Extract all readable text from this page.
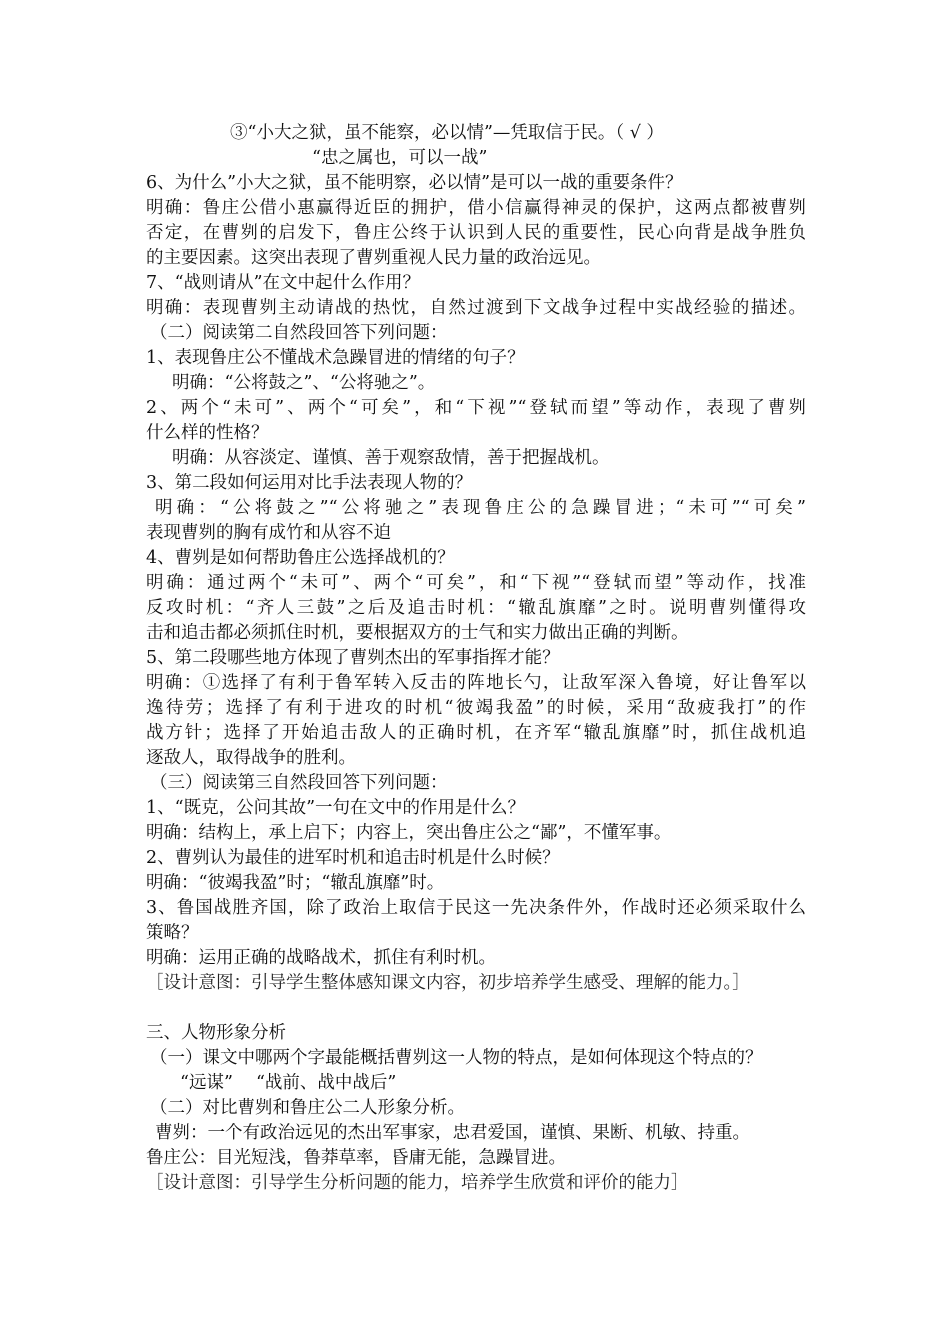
③“小大之狱，虽不能察，必以情”—凭取信于民。（ √ ）
“忠之属也，可以一战”
6、为什么”小大之狱，虽不能明察，必以情”是可以一战的重要条件？
明确：鲁庄公借小惠赢得近臣的拥护，借小信赢得神灵的保护，这两点都被曹刿
否定，在曹刿的启发下，鲁庄公终于认识到人民的重要性，民心向背是战争胜负
的主要因素。这突出表现了曹刿重视人民力量的政治远见。
7、“战则请从”在文中起什么作用？
明确：表现曹刿主动请战的热忱，自然过渡到下文战争过程中实战经验的描述。
（二）阅读第二自然段回答下列问题：
1、表现鲁庄公不懂战术急躁冒进的情绪的句子？
明确：“公将鼓之”、“公将驰之”。
2、两个“未可”、两个“可矣”，和“下视”“登轼而望”等动作，表现了曹刿
什么样的性格？
明确：从容淡定、谨慎、善于观察敌情，善于把握战机。
3、第二段如何运用对比手法表现人物的？
明确：“公将鼓之”“公将驰之”表现鲁庄公的急躁冒进；“未可”“可矣”
表现曹刿的胸有成竹和从容不迫
4、曹刿是如何帮助鲁庄公选择战机的？
明确：通过两个“未可”、两个“可矣”，和“下视”“登轼而望”等动作，找准
反攻时机：“齐人三鼓”之后及追击时机：“辙乱旗靡”之时。说明曹刿懂得攻
击和追击都必须抓住时机，要根据双方的士气和实力做出正确的判断。
5、第二段哪些地方体现了曹刿杰出的军事指挥才能？
明确：①选择了有利于鲁军转入反击的阵地长勺，让敌军深入鲁境，好让鲁军以
逸待劳；选择了有利于进攻的时机“彼竭我盈”的时候，采用“敌疲我打”的作
战方针；选择了开始追击敌人的正确时机，在齐军“辙乱旗靡”时，抓住战机追
逐敌人，取得战争的胜利。
（三）阅读第三自然段回答下列问题：
1、“既克，公问其故”一句在文中的作用是什么？
明确：结构上，承上启下；内容上，突出鲁庄公之“鄙”，不懂军事。
2、曹刿认为最佳的进军时机和追击时机是什么时候？
明确：“彼竭我盈”时；“辙乱旗靡”时。
3、鲁国战胜齐国，除了政治上取信于民这一先决条件外，作战时还必须采取什么
策略？
明确：运用正确的战略战术，抓住有利时机。
［设计意图：引导学生整体感知课文内容，初步培养学生感受、理解的能力。］
三、人物形象分析
（一）课文中哪两个字最能概括曹刿这一人物的特点，是如何体现这个特点的？
“远谋”　 “战前、战中战后”
（二）对比曹刿和鲁庄公二人形象分析。
曹刿：一个有政治远见的杰出军事家，忠君爱国，谨慎、果断、机敏、持重。
鲁庄公：目光短浅，鲁莽草率，昏庸无能，急躁冒进。
［设计意图：引导学生分析问题的能力，培养学生欣赏和评价的能力］
